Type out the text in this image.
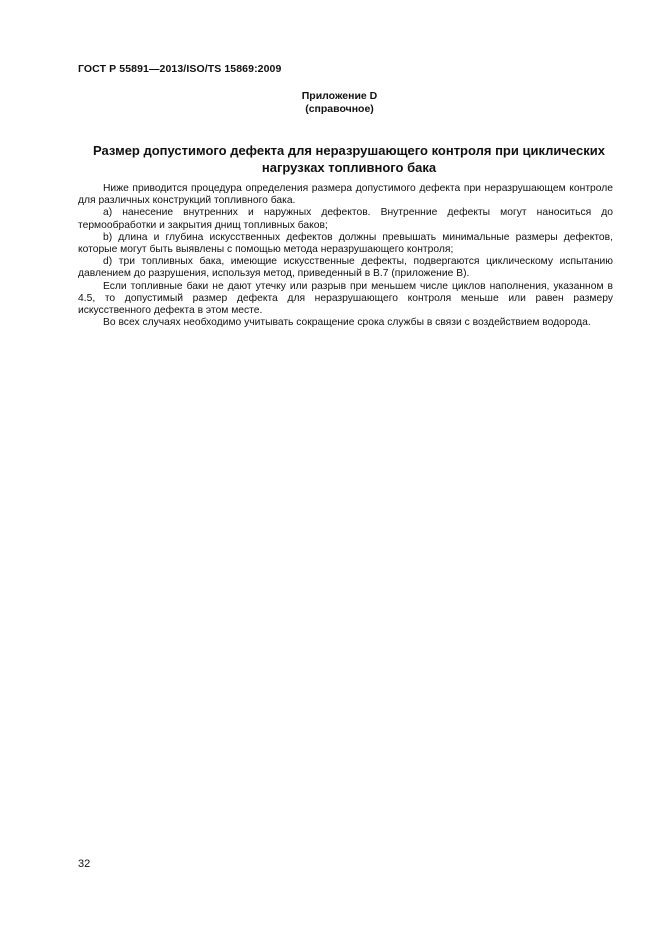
ГОСТ Р 55891—2013/ISO/TS 15869:2009
Приложение D
(справочное)
Размер допустимого дефекта для неразрушающего контроля при циклических нагрузках топливного бака

Ниже приводится процедура определения размера допустимого дефекта при неразрушающем контроле для различных конструкций топливного бака.

a) нанесение внутренних и наружных дефектов. Внутренние дефекты могут наноситься до термообработки и закрытия днищ топливных баков;

b) длина и глубина искусственных дефектов должны превышать минимальные размеры дефектов, которые могут быть выявлены с помощью метода неразрушающего контроля;

d) три топливных бака, имеющие искусственные дефекты, подвергаются циклическому испытанию давлением до разрушения, используя метод, приведенный в B.7 (приложение B).

Если топливные баки не дают утечку или разрыв при меньшем числе циклов наполнения, указанном в 4.5, то допустимый размер дефекта для неразрушающего контроля меньше или равен размеру искусственного дефекта в этом месте.

Во всех случаях необходимо учитывать сокращение срока службы в связи с воздействием водорода.

32
